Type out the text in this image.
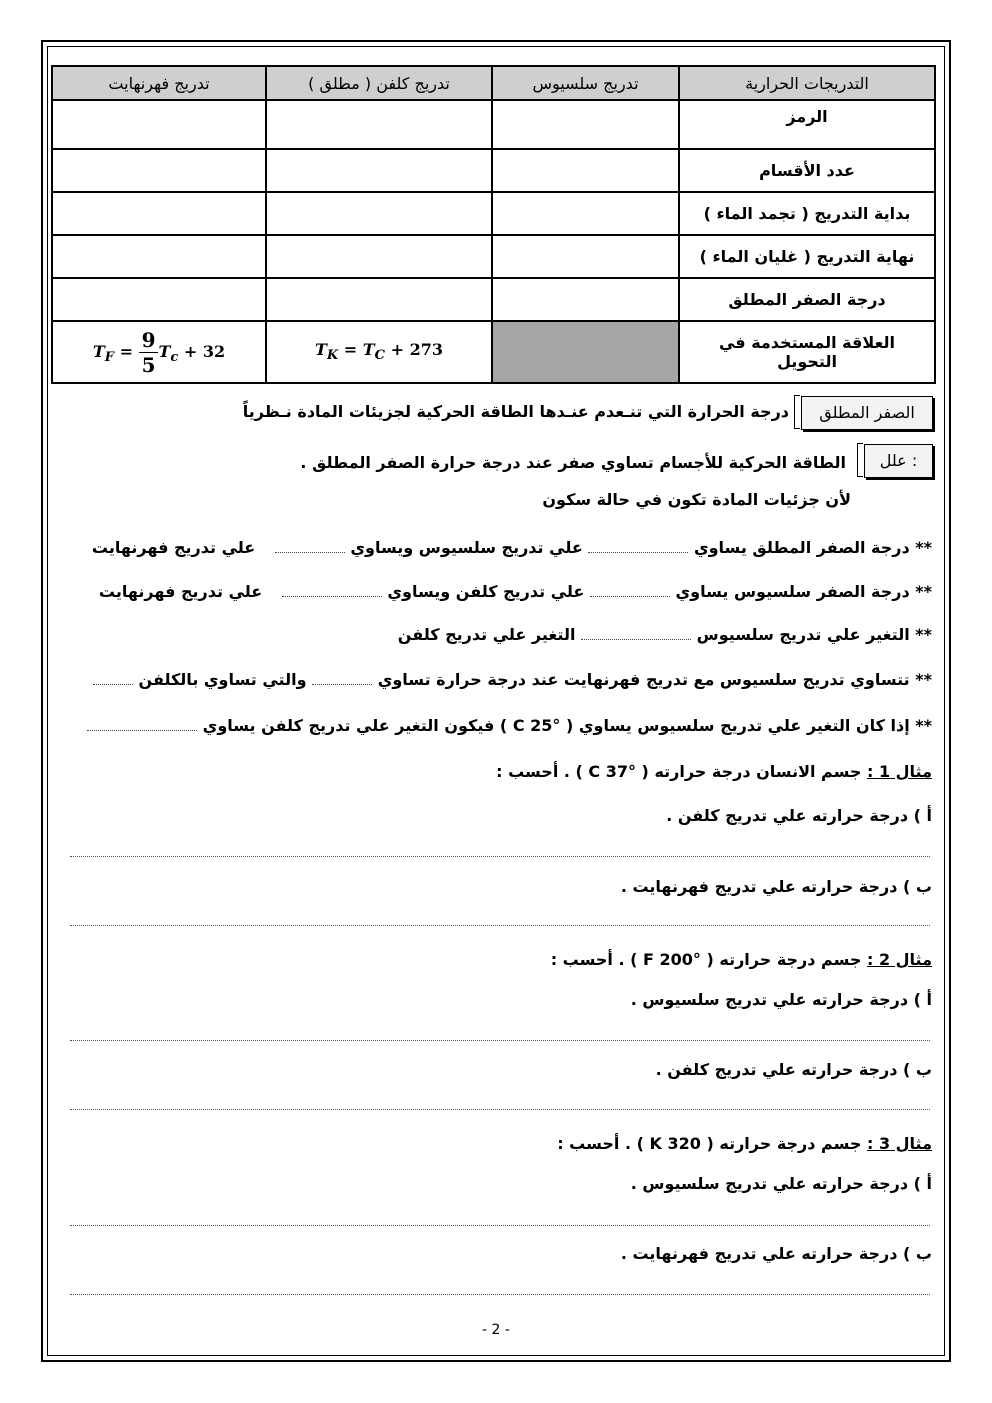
التدريجات الحرارية	تدريج سلسيوس	تدريج كلفن ( مطلق )	تدريج فهرنهايت
الرمز			
عدد الأقسام			
بداية التدريج ( تجمد الماء )			
نهاية التدريج ( غليان الماء )			
درجة الصفر المطلق			
العلاقة المستخدمة في التحويل		$T_K = T_C + 273$	$T_F = \frac{9}{5} T_c + 32$
الصفر المطلق
درجة الحرارة التي تنـعدم عنـدها الطاقة الحركية لجزيئات المادة نـظرياً
علل :
الطاقة الحركية للأجسام تساوي صفر عند درجة حرارة الصفر المطلق .
لأن جزئيات المادة تكون في حالة سكون
** درجة الصفر المطلق يساوي  علي تدريج سلسيوس ويساوي  علي تدريج فهرنهايت
** درجة الصفر سلسيوس يساوي  علي تدريج كلفن ويساوي  علي تدريج فهرنهايت
** التغير علي تدريج سلسيوس  التغير علي تدريج كلفن
** تتساوي تدريج سلسيوس مع تدريج فهرنهايت عند درجة حرارة تساوي  والتي تساوي بالكلفن
** إذا كان التغير علي تدريج سلسيوس يساوي ( °C 25 ) فيكون التغير علي تدريج كلفن يساوي
مثال 1 : جسم الانسان درجة حرارته ( °C 37 ) . أحسب :
أ ) درجة حرارته علي تدريج كلفن .
ب ) درجة حرارته علي تدريج فهرنهايت .
مثال 2 : جسم درجة حرارته ( °F 200 ) . أحسب :
أ ) درجة حرارته علي تدريج سلسيوس .
ب ) درجة حرارته علي تدريج كلفن .
مثال 3 : جسم درجة حرارته ( 320 K ) . أحسب :
أ ) درجة حرارته علي تدريج سلسيوس .
ب ) درجة حرارته علي تدريج فهرنهايت .
- 2 -
